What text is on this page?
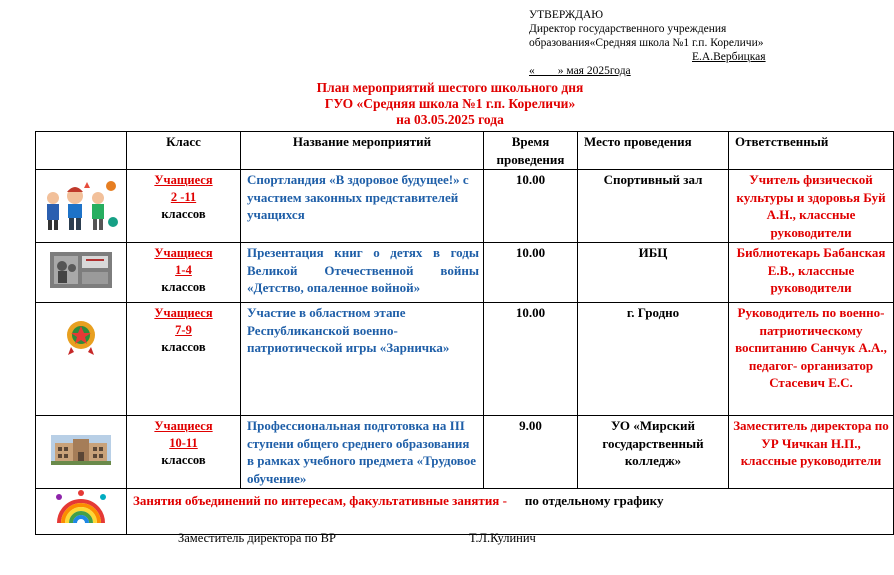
УТВЕРЖДАЮ
Директор государственного учреждения
образования«Средняя школа №1 г.п. Кореличи»
Е.А.Вербицкая
«____» мая 2025года
План мероприятий шестого школьного дня
ГУО «Средняя школа №1 г.п. Кореличи»
на 03.05.2025 года
	Класс	Название мероприятий	Время проведения	Место проведения	Ответственный

Учащиеся
2 -11
классов	Спортландия «В здоровое будущее!» с участием законных представителей учащихся	10.00	Спортивный зал	Учитель физической культуры и здоровья Буй А.Н., классные руководители

Учащиеся
1-4
классов	Презентация книг о детях в годы Великой Отечественной войны «Детство, опаленное войной»	10.00	ИБЦ	Библиотекарь Бабанская Е.В., классные руководители

Учащиеся
7-9
классов	Участие в областном этапе Республиканской военно-патриотической игры «Зарничка»	10.00	г. Гродно	Руководитель по военно-патриотическому воспитанию Санчук А.А., педагог- организатор Стасевич Е.С.

Учащиеся
10-11
классов	Профессиональная подготовка на III ступени общего среднего образования в рамках учебного предмета «Трудовое обучение»	9.00	УО «Мирский государственный колледж»	Заместитель директора по УР Чичкан Н.П., классные руководители
	Занятия объединений по интересам, факультативные занятия - по отдельному графику				
Заместитель директора по ВР	Т.Л.Кулинич
